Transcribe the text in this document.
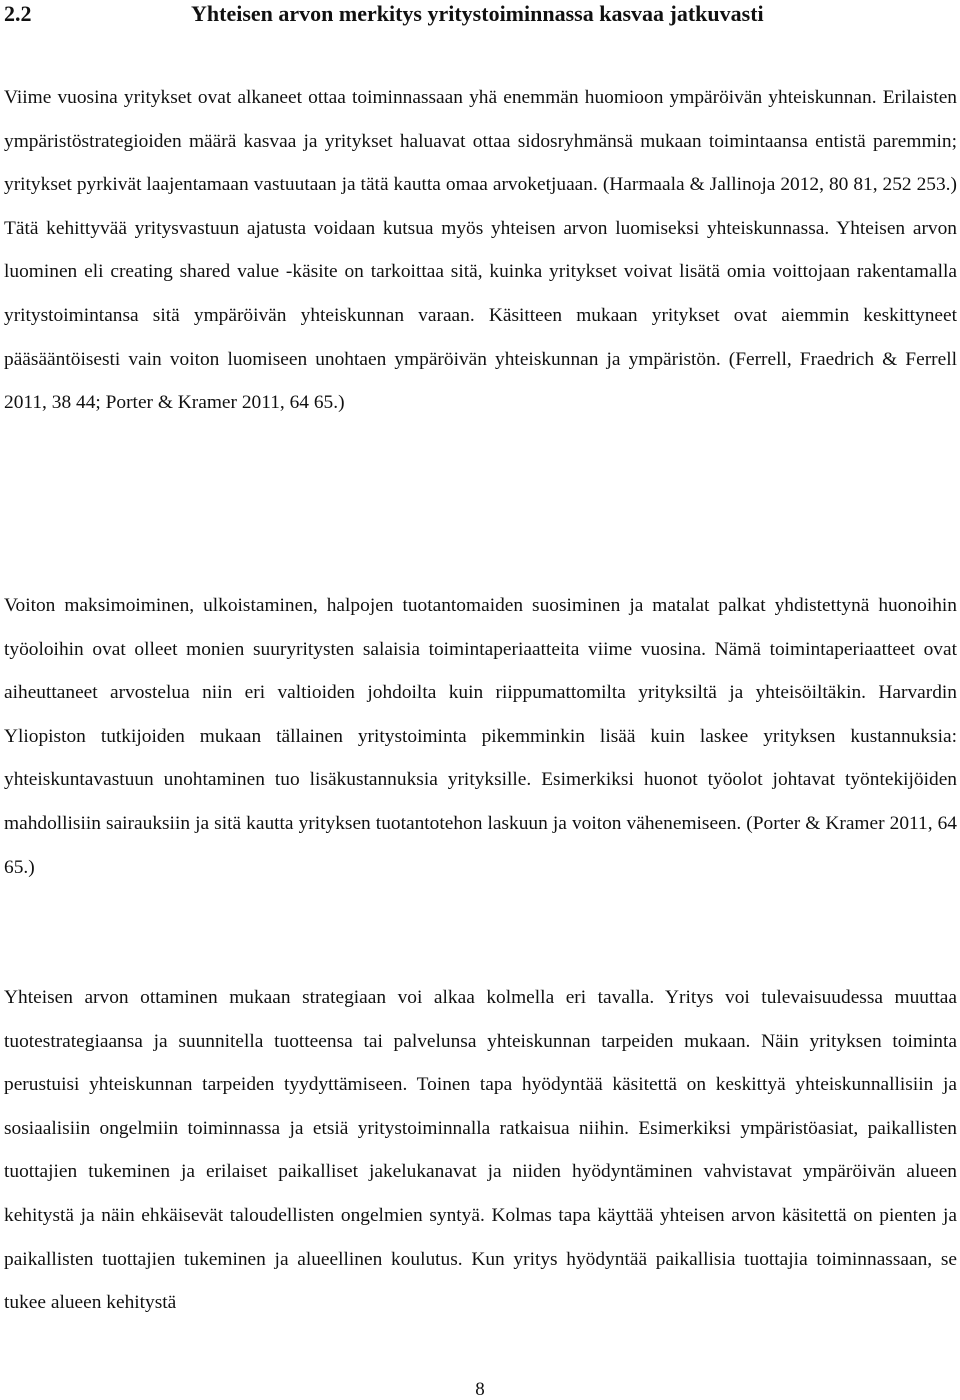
2.2	Yhteisen arvon merkitys yritystoiminnassa kasvaa jatkuvasti

Viime vuosina yritykset ovat alkaneet ottaa toiminnassaan yhä enemmän huomioon ympäröivän yhteiskunnan. Erilaisten ympäristöstrategioiden määrä kasvaa ja yritykset haluavat ottaa sidosryhmänsä mukaan toimintaansa entistä paremmin; yritykset pyrkivät laajentamaan vastuutaan ja tätä kautta omaa arvoketjuaan. (Harmaala & Jallinoja 2012, 80 81, 252 253.) Tätä kehittyvää yritysvastuun ajatusta voidaan kutsua myös yhteisen arvon luomiseksi yhteiskunnassa. Yhteisen arvon luominen eli creating shared value -käsite on tarkoittaa sitä, kuinka yritykset voivat lisätä omia voittojaan rakentamalla yritystoimintansa sitä ympäröivän yhteiskunnan varaan. Käsitteen mukaan yritykset ovat aiemmin keskittyneet pääsääntöisesti vain voiton luomiseen unohtaen ympäröivän yhteiskunnan ja ympäristön. (Ferrell, Fraedrich & Ferrell 2011, 38 44; Porter & Kramer 2011, 64 65.)

Voiton maksimoiminen, ulkoistaminen, halpojen tuotantomaiden suosiminen ja matalat palkat yhdistettynä huonoihin työoloihin ovat olleet monien suuryritysten salaisia toimintaperiaatteita viime vuosina. Nämä toimintaperiaatteet ovat aiheuttaneet arvostelua niin eri valtioiden johdoilta kuin riippumattomilta yrityksiltä ja yhteisöiltäkin. Harvardin Yliopiston tutkijoiden mukaan tällainen yritystoiminta pikemminkin lisää kuin laskee yrityksen kustannuksia: yhteiskuntavastuun unohtaminen tuo lisäkustannuksia yrityksille. Esimerkiksi huonot työolot johtavat työntekijöiden mahdollisiin sairauksiin ja sitä kautta yrityksen tuotantotehon laskuun ja voiton vähenemiseen. (Porter & Kramer 2011, 64 65.)

Yhteisen arvon ottaminen mukaan strategiaan voi alkaa kolmella eri tavalla. Yritys voi tulevaisuudessa muuttaa tuotestrategiaansa ja suunnitella tuotteensa tai palvelunsa yhteiskunnan tarpeiden mukaan. Näin yrityksen toiminta perustuisi yhteiskunnan tarpeiden tyydyttämiseen. Toinen tapa hyödyntää käsitettä on keskittyä yhteiskunnallisiin ja sosiaalisiin ongelmiin toiminnassa ja etsiä yritystoiminnalla ratkaisua niihin. Esimerkiksi ympäristöasiat, paikallisten tuottajien tukeminen ja erilaiset paikalliset jakelukanavat ja niiden hyödyntäminen vahvistavat ympäröivän alueen kehitystä ja näin ehkäisevät taloudellisten ongelmien syntyä. Kolmas tapa käyttää yhteisen arvon käsitettä on pienten ja paikallisten tuottajien tukeminen ja alueellinen koulutus. Kun yritys hyödyntää paikallisia tuottajia toiminnassaan, se tukee alueen kehitystä

8
